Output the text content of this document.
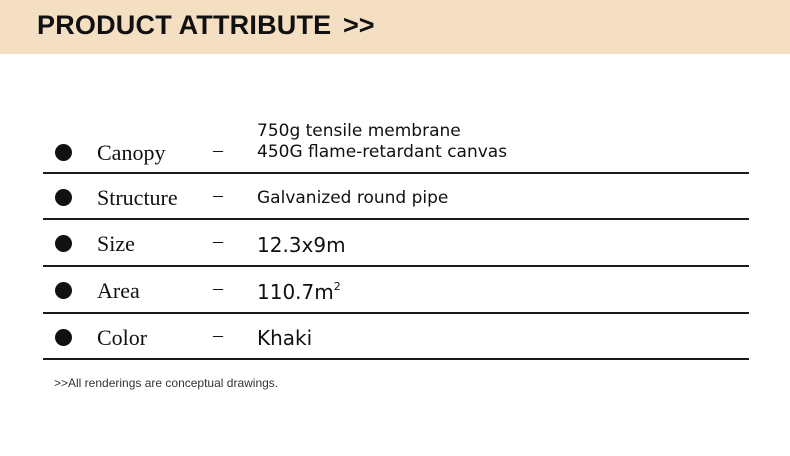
PRODUCT ATTRIBUTE >>
Canopy –
750g tensile membrane
450G flame-retardant canvas
Structure – Galvanized round pipe
Size	– 12.3x9m
Area	– $110.7m^2$
Color	– Khaki
>>All renderings are conceptual drawings.
